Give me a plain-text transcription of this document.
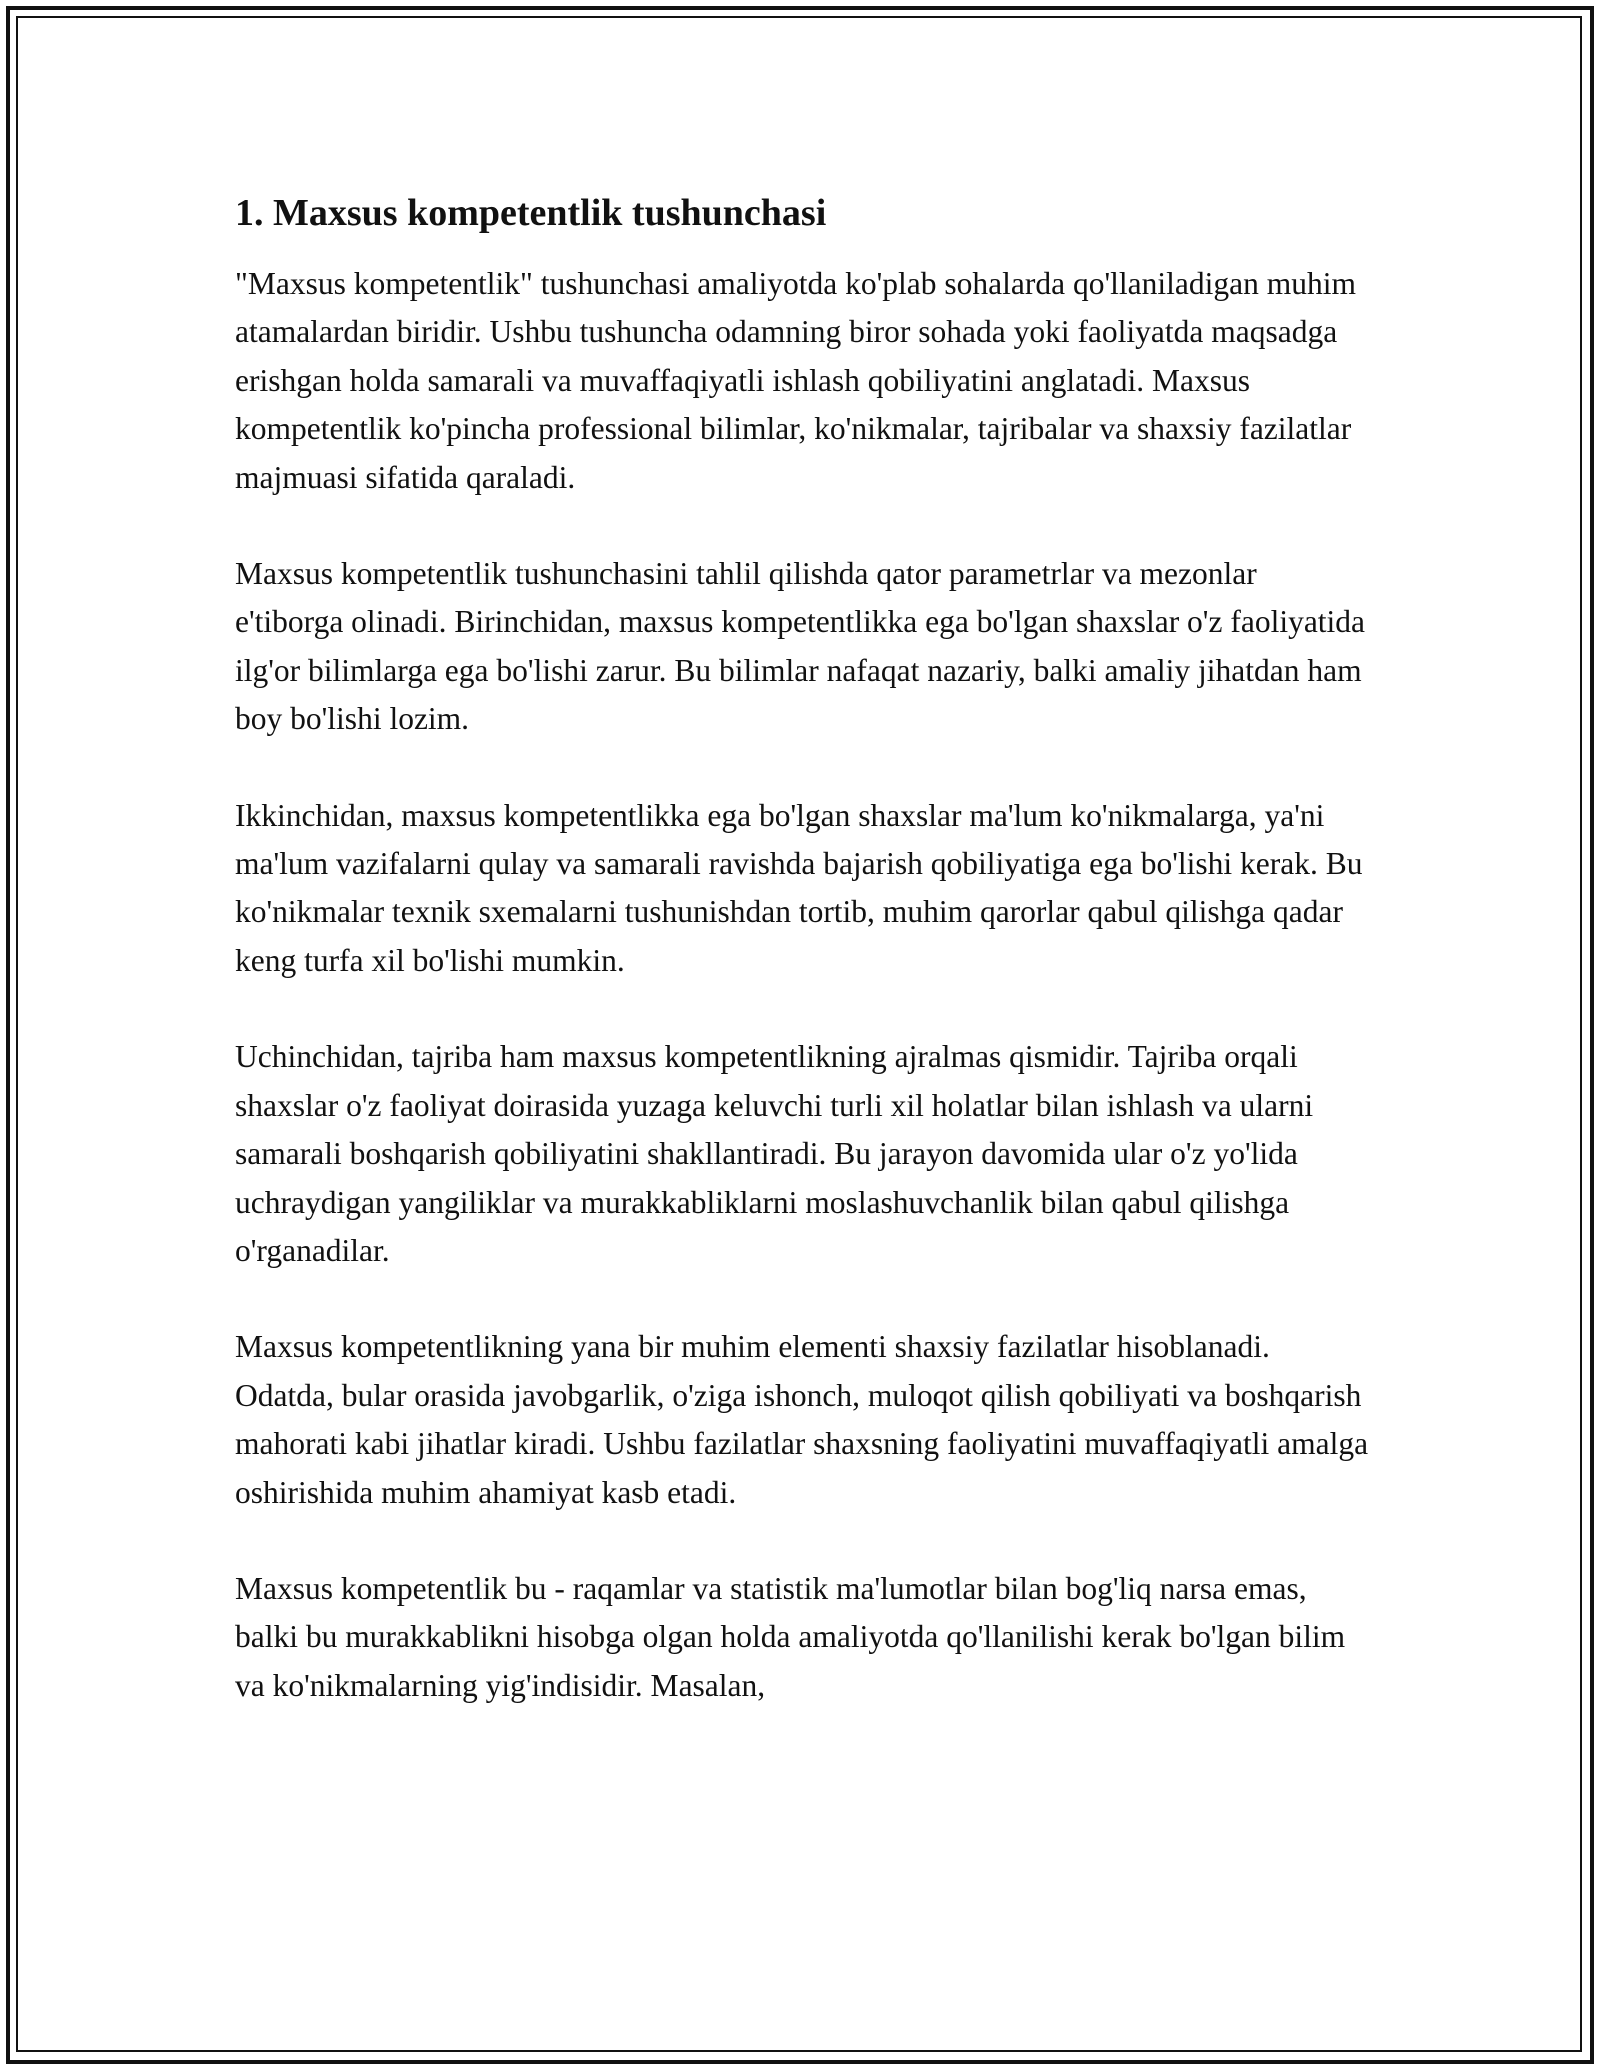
1. Maxsus kompetentlik tushunchasi

"Maxsus kompetentlik" tushunchasi amaliyotda ko'plab sohalarda qo'llaniladigan muhim atamalardan biridir. Ushbu tushuncha odamning biror sohada yoki faoliyatda maqsadga erishgan holda samarali va muvaffaqiyatli ishlash qobiliyatini anglatadi. Maxsus kompetentlik ko'pincha professional bilimlar, ko'nikmalar, tajribalar va shaxsiy fazilatlar majmuasi sifatida qaraladi.

Maxsus kompetentlik tushunchasini tahlil qilishda qator parametrlar va mezonlar e'tiborga olinadi. Birinchidan, maxsus kompetentlikka ega bo'lgan shaxslar o'z faoliyatida ilg'or bilimlarga ega bo'lishi zarur. Bu bilimlar nafaqat nazariy, balki amaliy jihatdan ham boy bo'lishi lozim.

Ikkinchidan, maxsus kompetentlikka ega bo'lgan shaxslar ma'lum ko'nikmalarga, ya'ni ma'lum vazifalarni qulay va samarali ravishda bajarish qobiliyatiga ega bo'lishi kerak. Bu ko'nikmalar texnik sxemalarni tushunishdan tortib, muhim qarorlar qabul qilishga qadar keng turfa xil bo'lishi mumkin.

Uchinchidan, tajriba ham maxsus kompetentlikning ajralmas qismidir. Tajriba orqali shaxslar o'z faoliyat doirasida yuzaga keluvchi turli xil holatlar bilan ishlash va ularni samarali boshqarish qobiliyatini shakllantiradi. Bu jarayon davomida ular o'z yo'lida uchraydigan yangiliklar va murakkabliklarni moslashuvchanlik bilan qabul qilishga o'rganadilar.

Maxsus kompetentlikning yana bir muhim elementi shaxsiy fazilatlar hisoblanadi. Odatda, bular orasida javobgarlik, o'ziga ishonch, muloqot qilish qobiliyati va boshqarish mahorati kabi jihatlar kiradi. Ushbu fazilatlar shaxsning faoliyatini muvaffaqiyatli amalga oshirishida muhim ahamiyat kasb etadi.

Maxsus kompetentlik bu - raqamlar va statistik ma'lumotlar bilan bog'liq narsa emas, balki bu murakkablikni hisobga olgan holda amaliyotda qo'llanilishi kerak bo'lgan bilim va ko'nikmalarning yig'indisidir. Masalan,
